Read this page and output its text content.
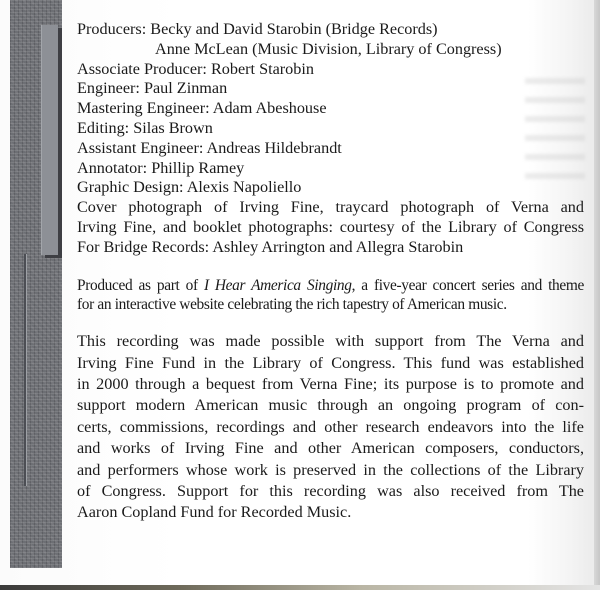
Producers: Becky and David Starobin (Bridge Records)
Anne McLean (Music Division, Library of Congress)
Associate Producer: Robert Starobin
Engineer: Paul Zinman
Mastering Engineer: Adam Abeshouse
Editing: Silas Brown
Assistant Engineer: Andreas Hildebrandt
Annotator: Phillip Ramey
Graphic Design: Alexis Napoliello
Cover photograph of Irving Fine, traycard photograph of Verna and
Irving Fine, and booklet photographs: courtesy of the Library of Congress
For Bridge Records: Ashley Arrington and Allegra Starobin
Produced as part of I Hear America Singing, a five-year concert series and theme
for an interactive website celebrating the rich tapestry of American music.
This recording was made possible with support from The Verna and
Irving Fine Fund in the Library of Congress. This fund was established
in 2000 through a bequest from Verna Fine; its purpose is to promote and
support modern American music through an ongoing program of con-
certs, commissions, recordings and other research endeavors into the life
and works of Irving Fine and other American composers, conductors,
and performers whose work is preserved in the collections of the Library
of Congress. Support for this recording was also received from The
Aaron Copland Fund for Recorded Music.
